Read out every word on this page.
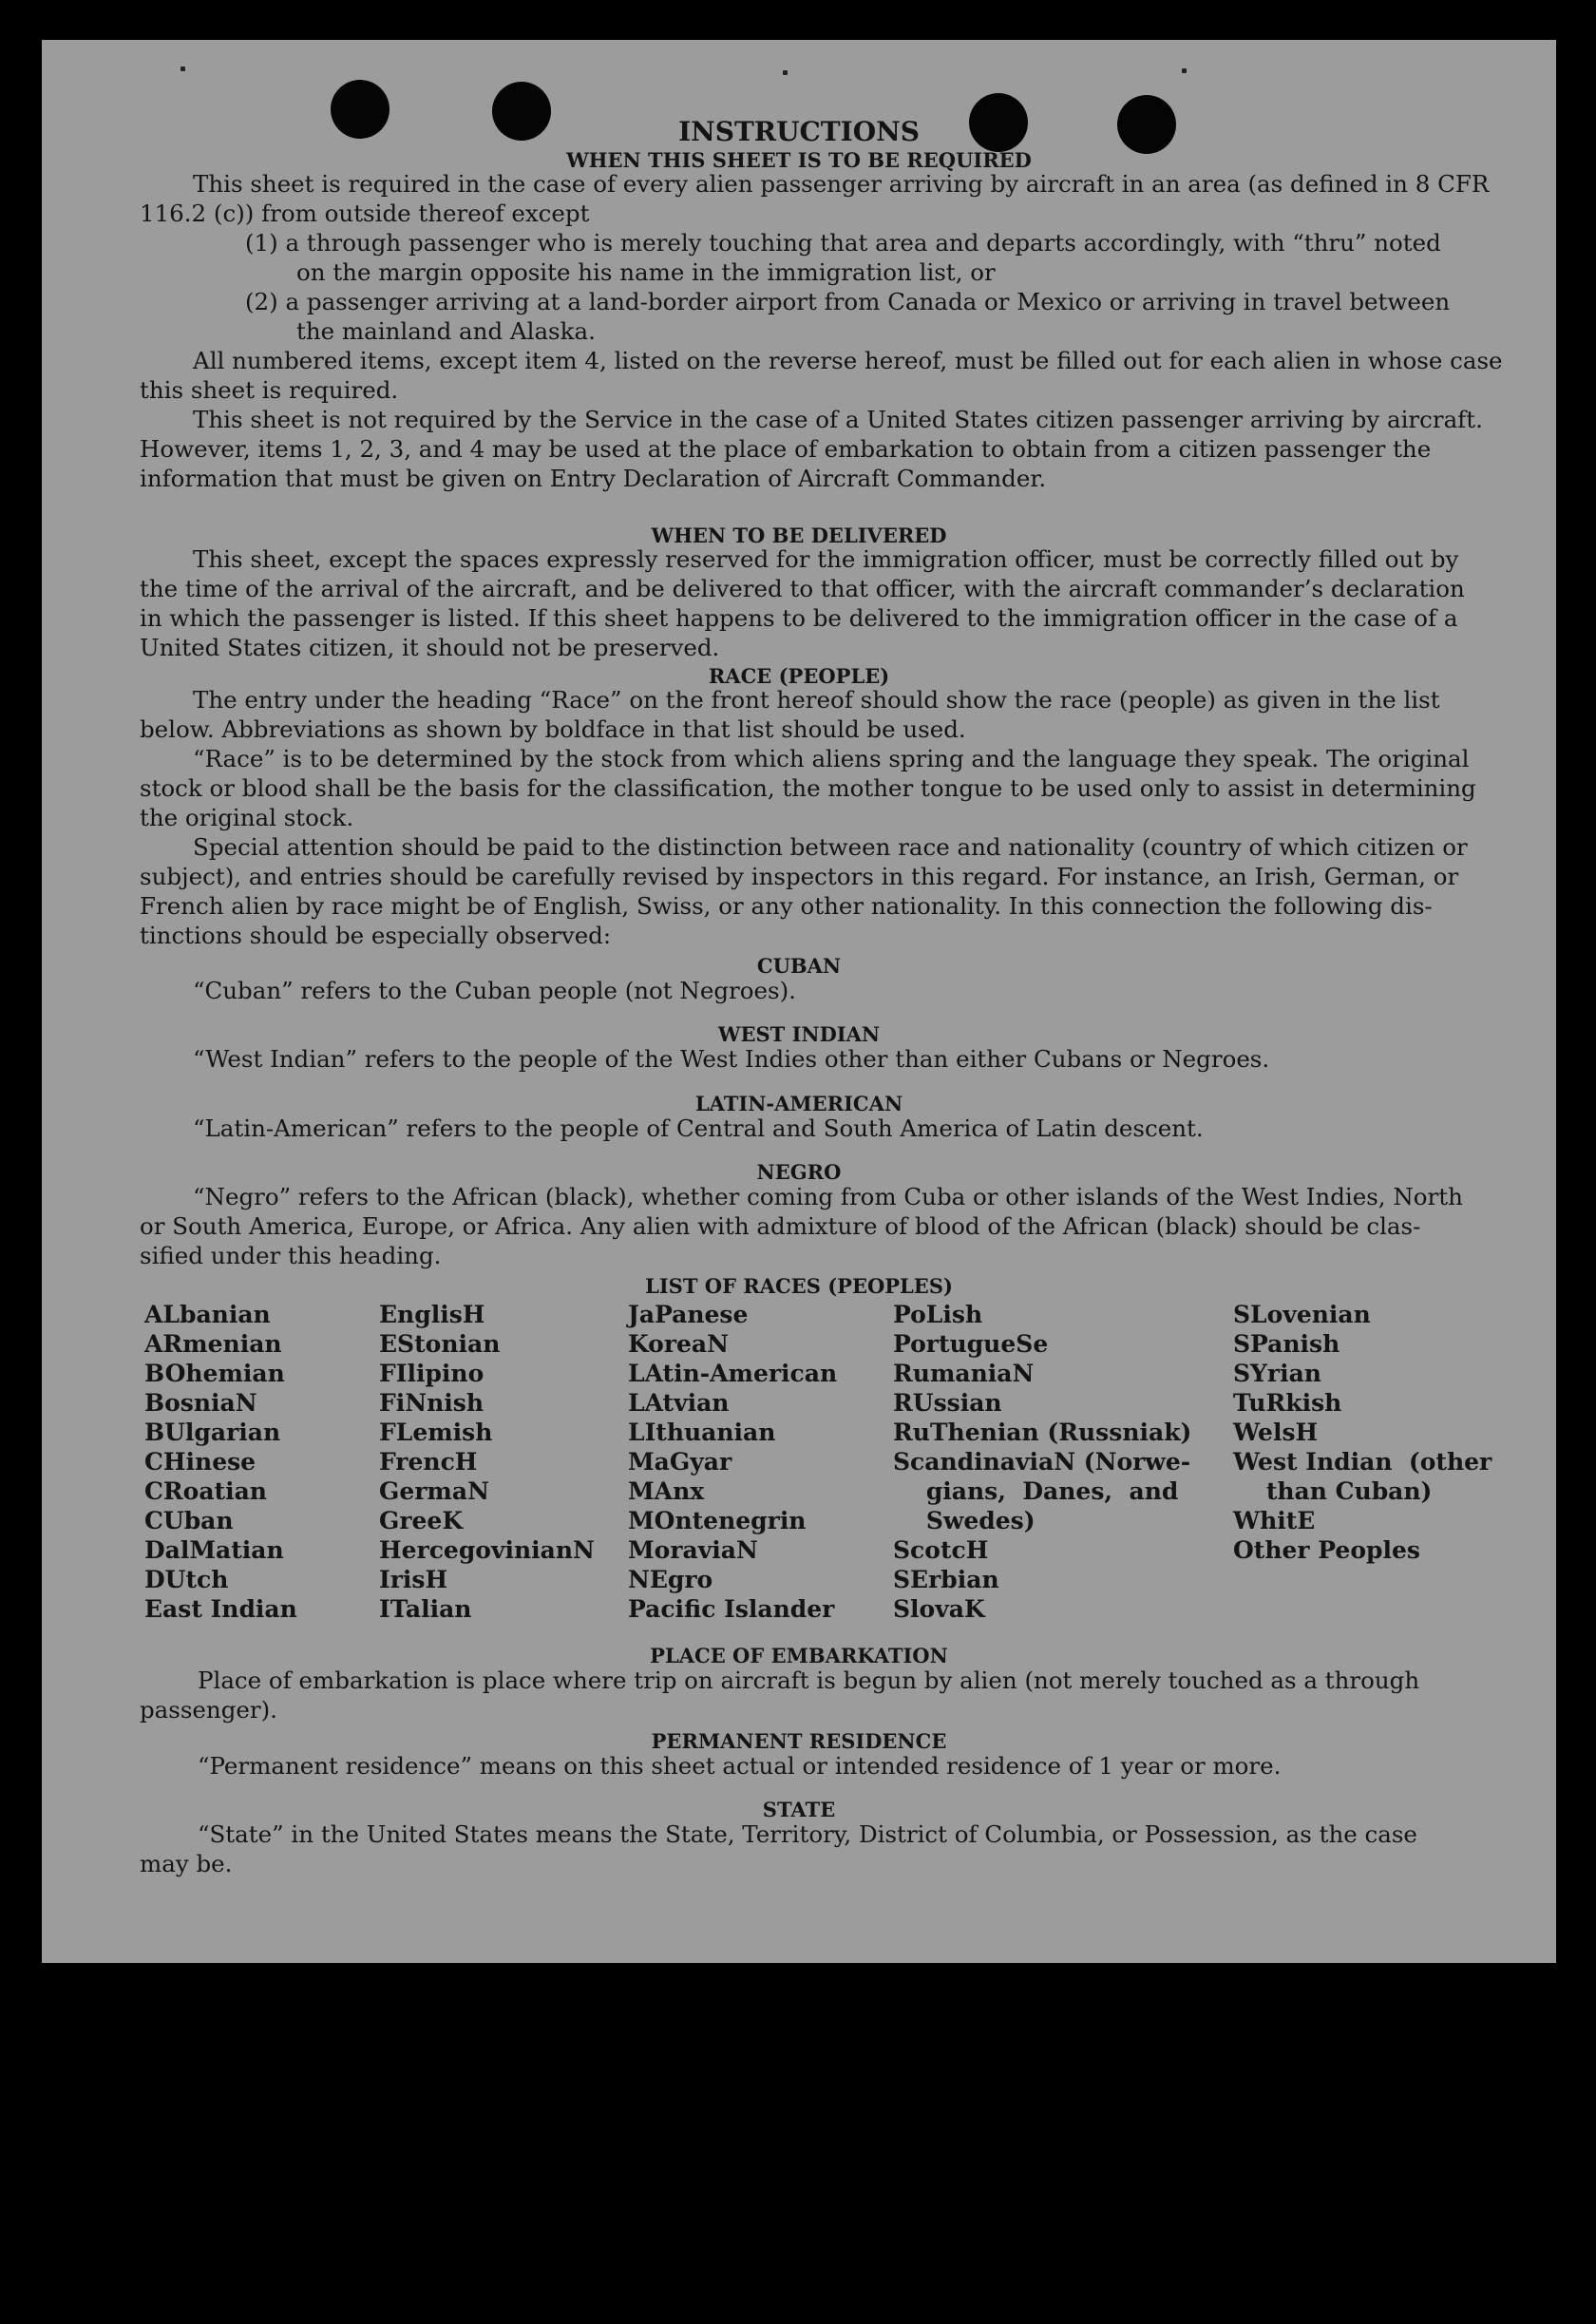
INSTRUCTIONS
WHEN THIS SHEET IS TO BE REQUIRED
This sheet is required in the case of every alien passenger arriving by aircraft in an area (as defined in 8 CFR
116.2 (c)) from outside thereof except
(1) a through passenger who is merely touching that area and departs accordingly, with “thru” noted
on the margin opposite his name in the immigration list, or
(2) a passenger arriving at a land-border airport from Canada or Mexico or arriving in travel between
the mainland and Alaska.
All numbered items, except item 4, listed on the reverse hereof, must be filled out for each alien in whose case
this sheet is required.
This sheet is not required by the Service in the case of a United States citizen passenger arriving by aircraft.
However, items 1, 2, 3, and 4 may be used at the place of embarkation to obtain from a citizen passenger the
information that must be given on Entry Declaration of Aircraft Commander.
WHEN TO BE DELIVERED
This sheet, except the spaces expressly reserved for the immigration officer, must be correctly filled out by
the time of the arrival of the aircraft, and be delivered to that officer, with the aircraft commander’s declaration
in which the passenger is listed. If this sheet happens to be delivered to the immigration officer in the case of a
United States citizen, it should not be preserved.
RACE (PEOPLE)
The entry under the heading “Race” on the front hereof should show the race (people) as given in the list
below. Abbreviations as shown by boldface in that list should be used.
“Race” is to be determined by the stock from which aliens spring and the language they speak. The original
stock or blood shall be the basis for the classification, the mother tongue to be used only to assist in determining
the original stock.
Special attention should be paid to the distinction between race and nationality (country of which citizen or
subject), and entries should be carefully revised by inspectors in this regard. For instance, an Irish, German, or
French alien by race might be of English, Swiss, or any other nationality. In this connection the following dis-
tinctions should be especially observed:
CUBAN
“Cuban” refers to the Cuban people (not Negroes).
WEST INDIAN
“West Indian” refers to the people of the West Indies other than either Cubans or Negroes.
LATIN-AMERICAN
“Latin-American” refers to the people of Central and South America of Latin descent.
NEGRO
“Negro” refers to the African (black), whether coming from Cuba or other islands of the West Indies, North
or South America, Europe, or Africa. Any alien with admixture of blood of the African (black) should be clas-
sified under this heading.
LIST OF RACES (PEOPLES)
ALbanian
ARmenian
BOhemian
BosniaN
BUlgarian
CHinese
CRoatian
CUban
DalMatian
DUtch
East Indian
EnglisH
EStonian
FIlipino
FiNnish
FLemish
FrencH
GermaN
GreeK
HercegovinianN
IrisH
ITalian
JaPanese
KoreaN
LAtin-American
LAtvian
LIthuanian
MaGyar
MAnx
MOntenegrin
MoraviaN
NEgro
Pacific Islander
PoLish
PortugueSe
RumaniaN
RUssian
RuThenian (Russniak)
ScandinaviaN (Norwe-
gians,  Danes,  and
Swedes)
ScotcH
SErbian
SlovaK
SLovenian
SPanish
SYrian
TuRkish
WelsH
West Indian  (other
than Cuban)
WhitE
Other Peoples
PLACE OF EMBARKATION
Place of embarkation is place where trip on aircraft is begun by alien (not merely touched as a through
passenger).
PERMANENT RESIDENCE
“Permanent residence” means on this sheet actual or intended residence of 1 year or more.
STATE
“State” in the United States means the State, Territory, District of Columbia, or Possession, as the case
may be.
